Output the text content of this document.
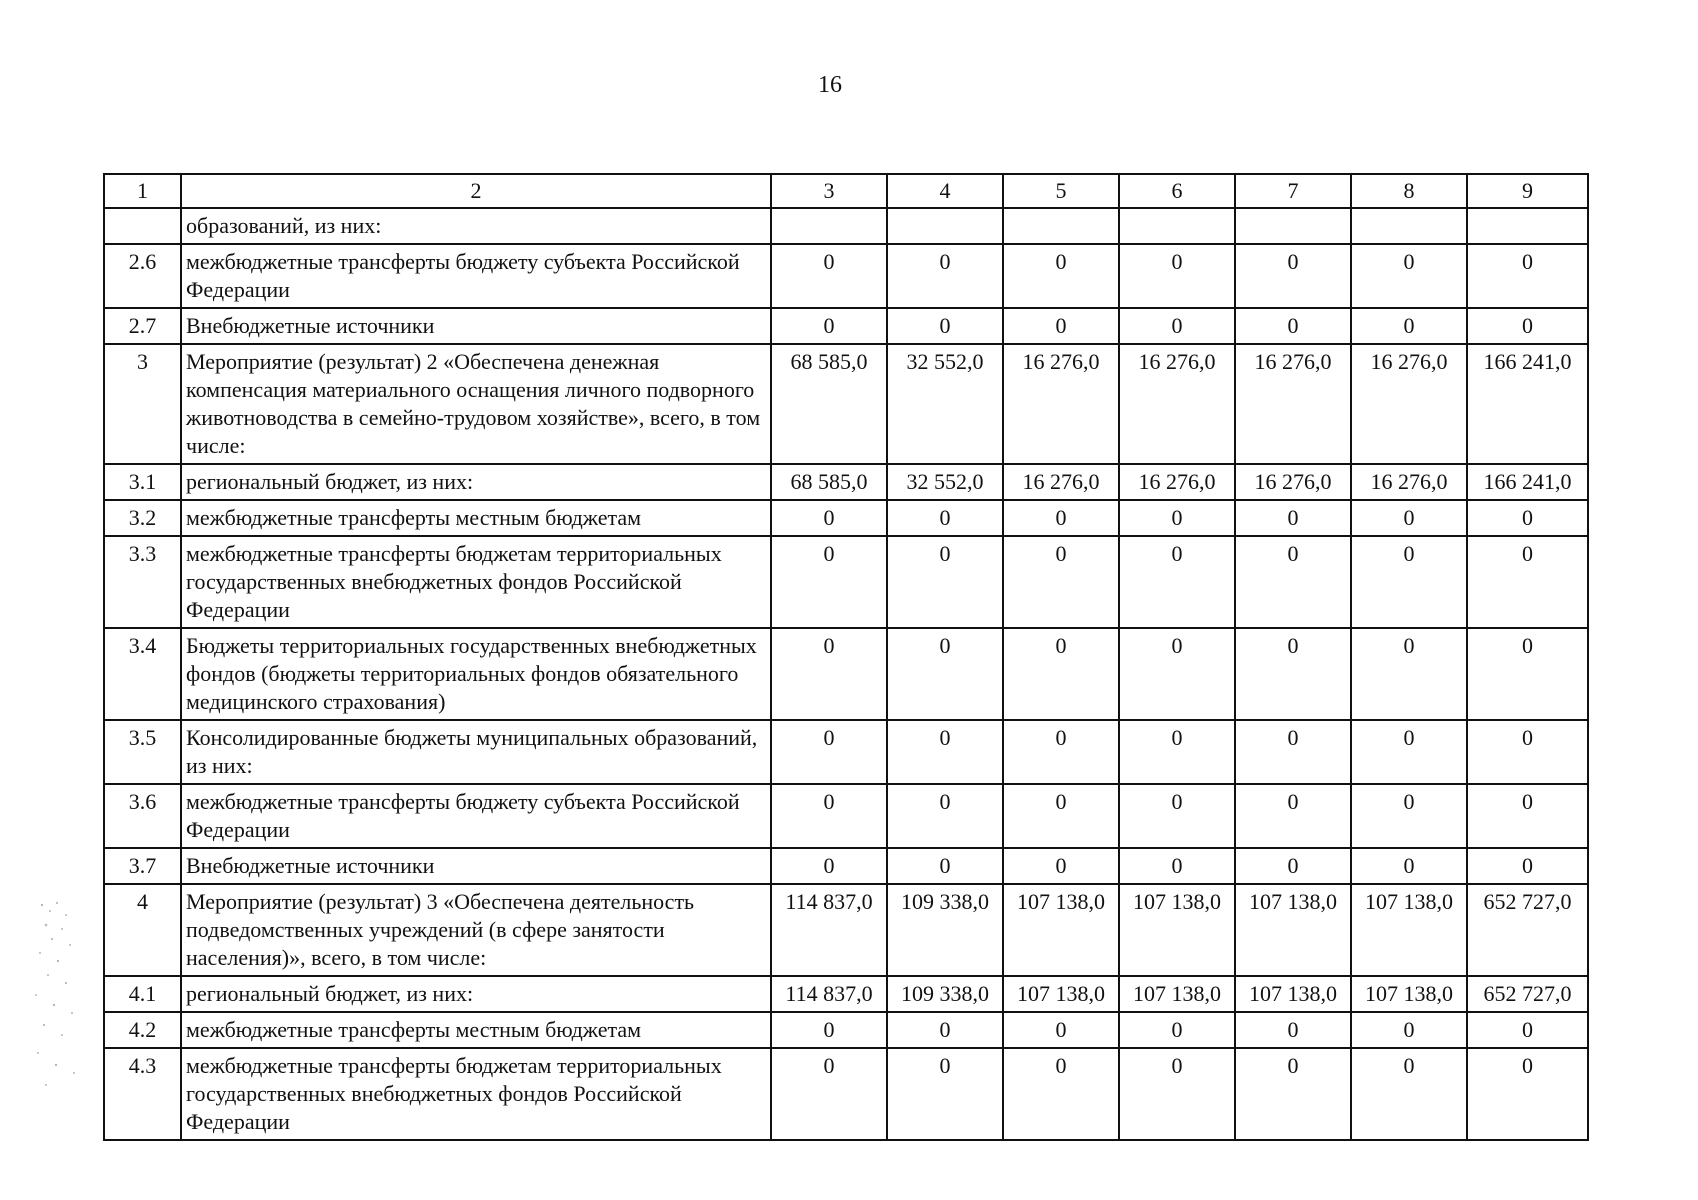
16
1	2	3	4	5	6	7	8	9
	образований, из них:							
2.6	межбюджетные трансферты бюджету субъекта Российской Федерации	0	0	0	0	0	0	0
2.7	Внебюджетные источники	0	0	0	0	0	0	0
3	Мероприятие (результат) 2 «Обеспечена денежная компенсация материального оснащения личного подворного животноводства в семейно-трудовом хозяйстве», всего, в том числе:	68 585,0	32 552,0	16 276,0	16 276,0	16 276,0	16 276,0	166 241,0
3.1	региональный бюджет, из них:	68 585,0	32 552,0	16 276,0	16 276,0	16 276,0	16 276,0	166 241,0
3.2	межбюджетные трансферты местным бюджетам	0	0	0	0	0	0	0
3.3	межбюджетные трансферты бюджетам территориальных государственных внебюджетных фондов Российской Федерации	0	0	0	0	0	0	0
3.4	Бюджеты территориальных государственных внебюджетных фондов (бюджеты территориальных фондов обязательного медицинского страхования)	0	0	0	0	0	0	0
3.5	Консолидированные бюджеты муниципальных образований, из них:	0	0	0	0	0	0	0
3.6	межбюджетные трансферты бюджету субъекта Российской Федерации	0	0	0	0	0	0	0
3.7	Внебюджетные источники	0	0	0	0	0	0	0
4	Мероприятие (результат) 3 «Обеспечена деятельность подведомственных учреждений (в сфере занятости населения)», всего, в том числе:	114 837,0	109 338,0	107 138,0	107 138,0	107 138,0	107 138,0	652 727,0
4.1	региональный бюджет, из них:	114 837,0	109 338,0	107 138,0	107 138,0	107 138,0	107 138,0	652 727,0
4.2	межбюджетные трансферты местным бюджетам	0	0	0	0	0	0	0
4.3	межбюджетные трансферты бюджетам территориальных государственных внебюджетных фондов Российской Федерации	0	0	0	0	0	0	0
